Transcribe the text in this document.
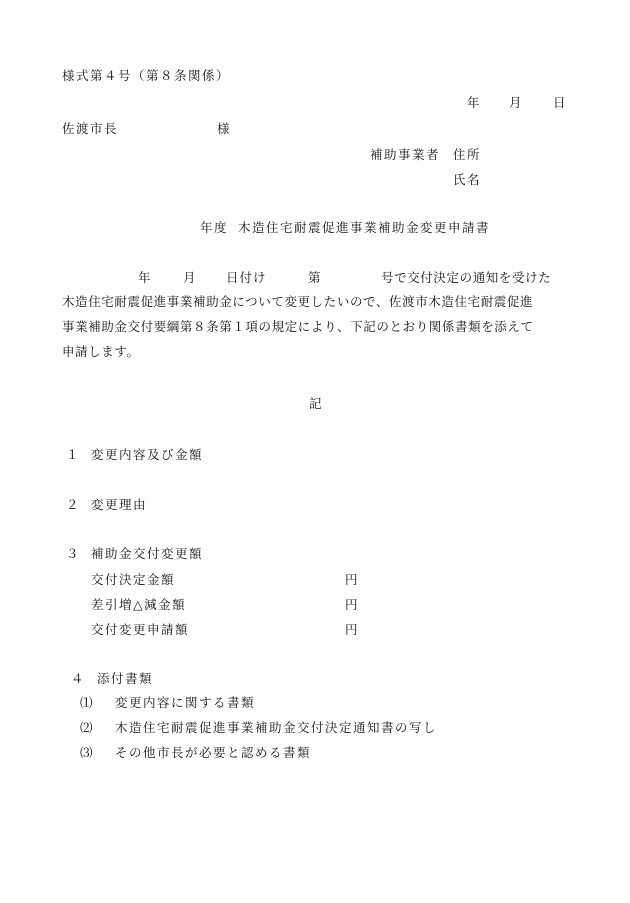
様式第４号（第８条関係）
年 月	日
佐渡市長	様
補助事業者 住所
氏名
年度 木造住宅耐震促進事業補助金変更申請書
年	月 日付け	第	号で交付決定の通知を受けた
木造住宅耐震促進事業補助金について変更したいので、佐渡市木造住宅耐震促進
事業補助金交付要綱第８条第１項の規定により、下記のとおり関係書類を添えて
申請します。
記
１ 変更内容及び金額
２ 変更理由
３ 補助金交付変更額
交付決定金額	円
差引増△減金額	円
交付変更申請額	円
４ 添付書類
⑴ 変更内容に関する書類
⑵ 木造住宅耐震促進事業補助金交付決定通知書の写し
⑶ その他市長が必要と認める書類
